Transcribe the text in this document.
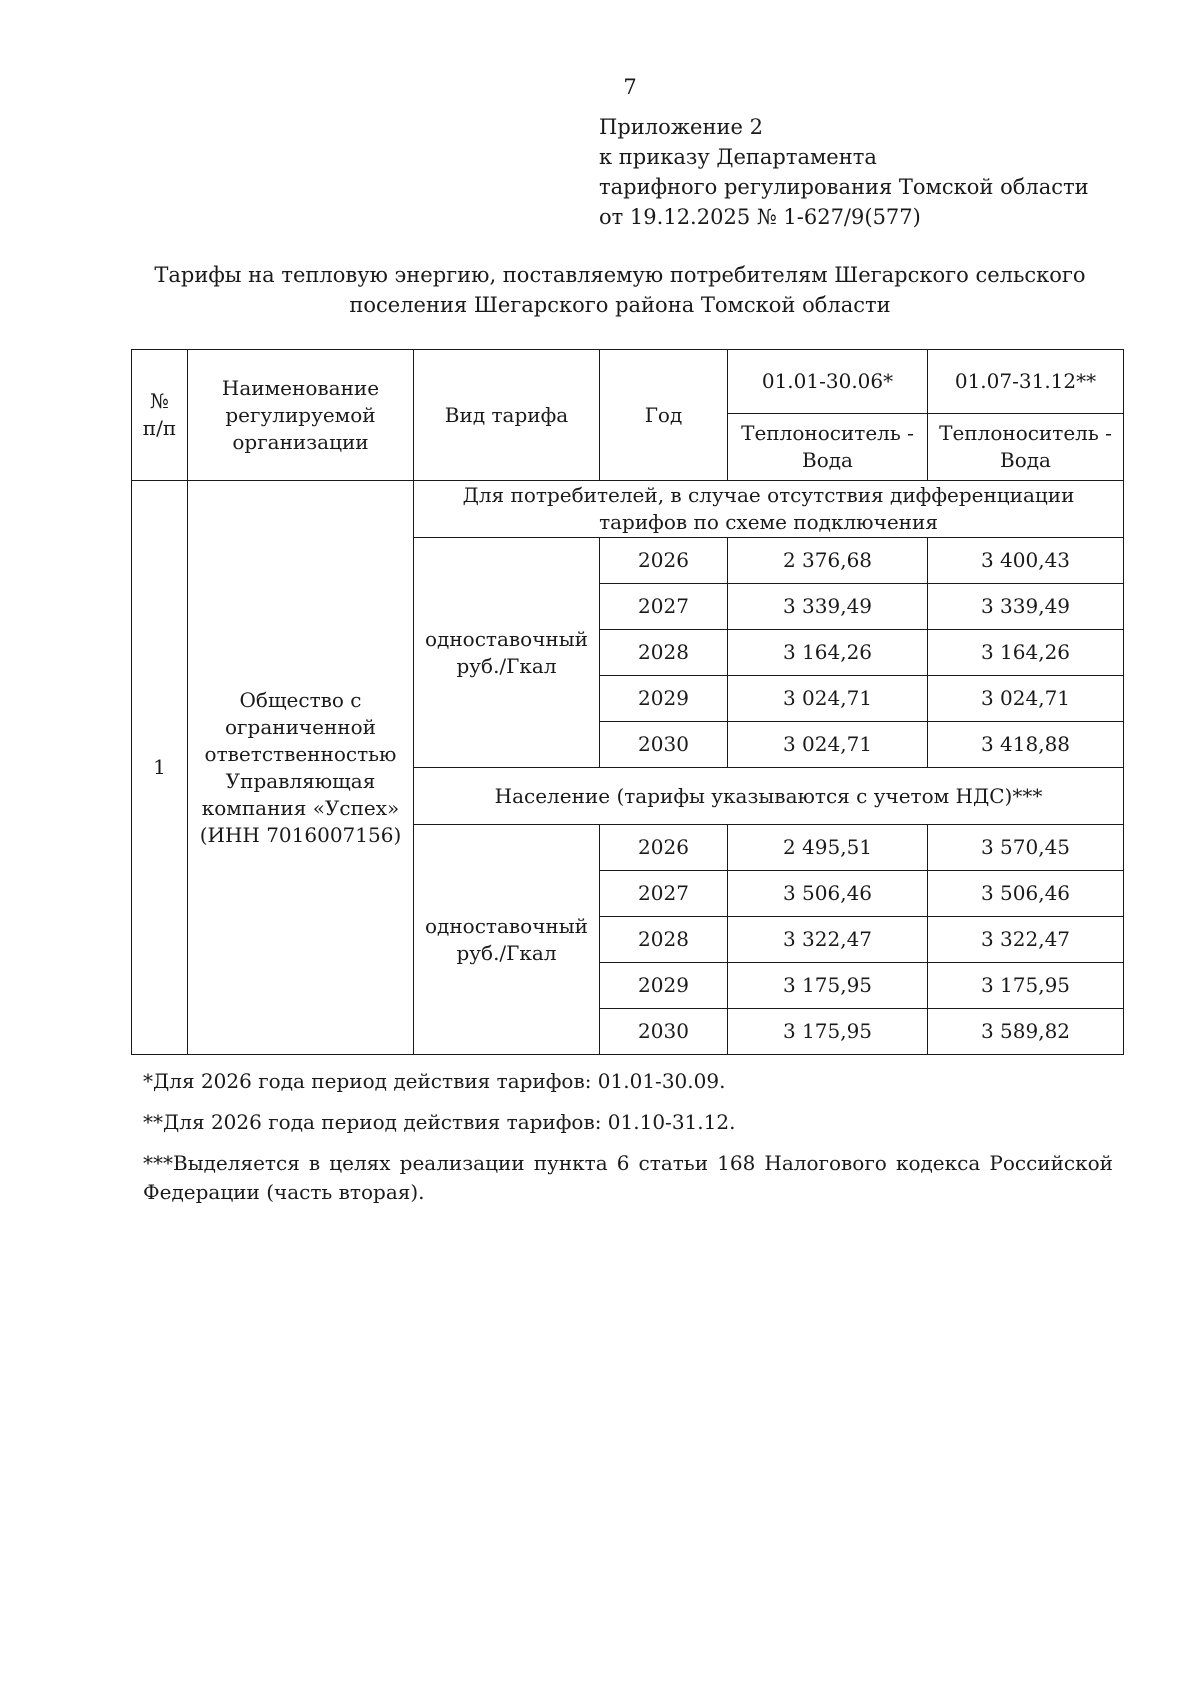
7
Приложение 2
к приказу Департамента
тарифного регулирования Томской области
от 19.12.2025 № 1-627/9(577)
Тарифы на тепловую энергию, поставляемую потребителям Шегарского сельского
поселения Шегарского района Томской области
№ п/п	Наименование регулируемой организации	Вид тарифа	Год	01.01-30.06*	01.07-31.12**
				Теплоноситель - Вода	Теплоноситель - Вода
1	Общество с ограниченной ответственностью Управляющая компания «Успех» (ИНН 7016007156)	Для потребителей, в случае отсутствия дифференциации тарифов по схеме подключения			
		одноставочный руб./Гкал	2026	2 376,68	3 400,43
			2027	3 339,49	3 339,49
			2028	3 164,26	3 164,26
			2029	3 024,71	3 024,71
			2030	3 024,71	3 418,88
		Население (тарифы указываются с учетом НДС)***			
		одноставочный руб./Гкал	2026	2 495,51	3 570,45
			2027	3 506,46	3 506,46
			2028	3 322,47	3 322,47
			2029	3 175,95	3 175,95
			2030	3 175,95	3 589,82

*Для 2026 года период действия тарифов: 01.01-30.09.

**Для 2026 года период действия тарифов: 01.10-31.12.

***Выделяется в целях реализации пункта 6 статьи 168 Налогового кодекса Российской Федерации (часть вторая).
